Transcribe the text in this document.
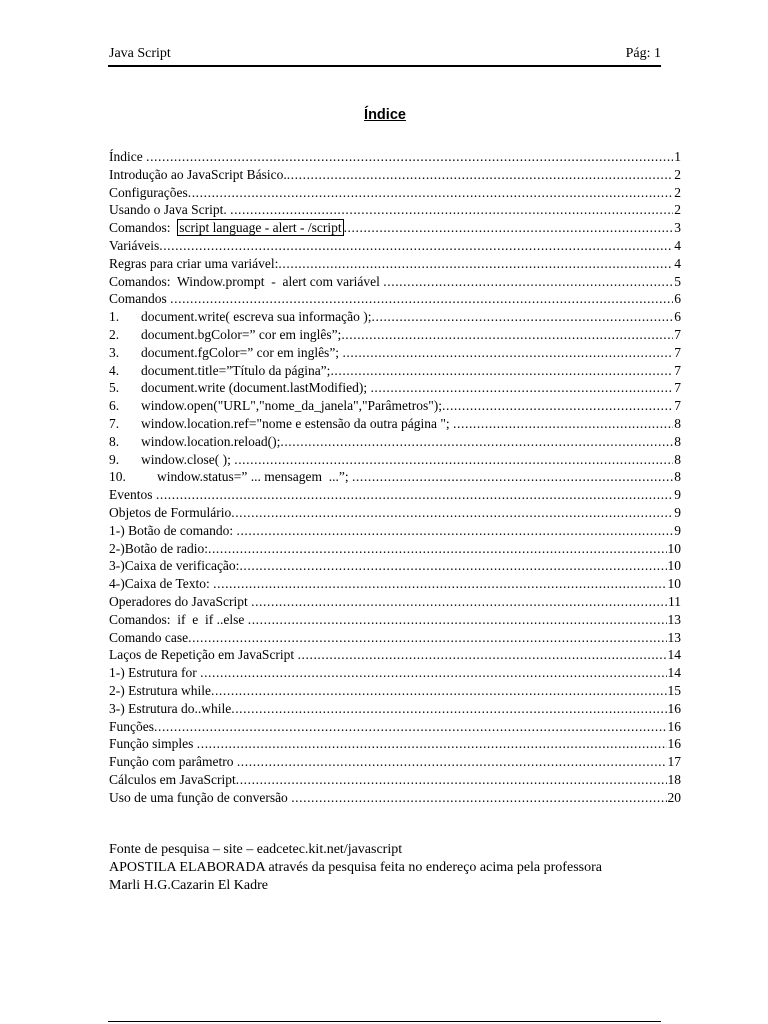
Java Script	Pág: 1
Índice
Índice .....	1
Introdução ao JavaScript Básico. .....	2
Configurações .....	2
Usando o Java Script. .....	2
Comandos:  script language - alert - /script .....	3
Variáveis .....	4
Regras para criar uma variável: .....	4
Comandos:  Window.prompt  -  alert com variável .....	5
Comandos .....	6
1.	document.write( escreva sua informação ); .....	6
2.	document.bgColor=” cor em inglês”; .....	7
3.	document.fgColor=” cor em inglês”; .....	7
4.	document.title=”Título da página”; .....	7
5.	document.write (document.lastModified); .....	7
6.	window.open("URL","nome_da_janela","Parâmetros"); .....	7
7.	window.location.ref="nome e estensão da outra página "; .....	8
8.	window.location.reload(); .....	8
9.	window.close( ); .....	8
10.	window.status=” ... mensagem  ...”; .....	8
Eventos .....	9
Objetos de Formulário .....	9
1-) Botão de comando: .....	9
2-)Botão de radio: .....	10
3-)Caixa de verificação: .....	10
4-)Caixa de Texto: .....	10
Operadores do JavaScript .....	11
Comandos:  if  e  if ..else .....	13
Comando case .....	13
Laços de Repetição em JavaScript .....	14
1-) Estrutura for .....	14
2-) Estrutura while .....	15
3-) Estrutura do..while .....	16
Funções .....	16
Função simples .....	16
Função com parâmetro .....	17
Cálculos em JavaScript .....	18
Uso de uma função de conversão .....	20
Fonte de pesquisa – site – eadcetec.kit.net/javascript
APOSTILA ELABORADA através da pesquisa feita no endereço acima pela professora
Marli H.G.Cazarin El Kadre
